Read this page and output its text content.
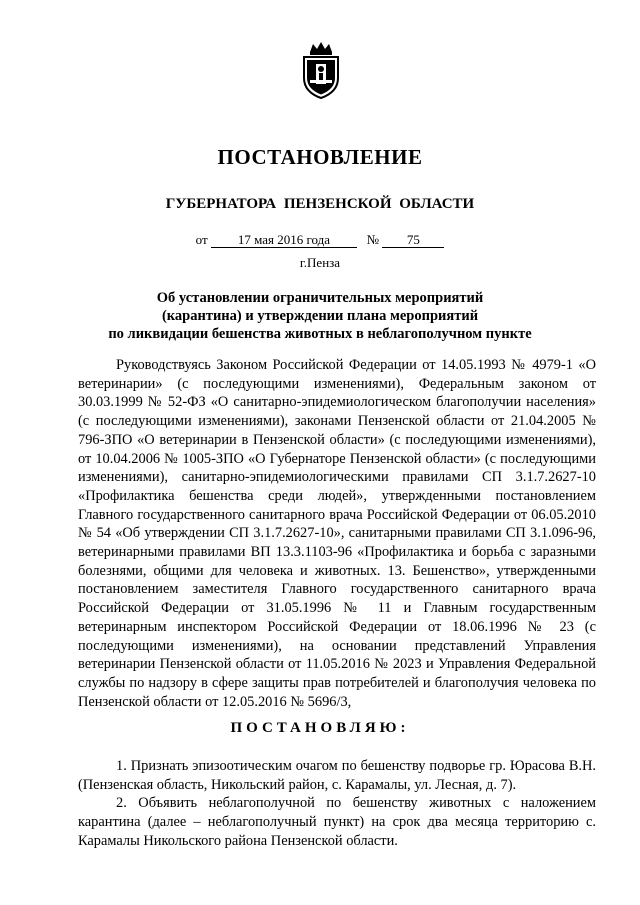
ПОСТАНОВЛЕНИЕ
ГУБЕРНАТОРА ПЕНЗЕНСКОЙ ОБЛАСТИ
от 17 мая 2016 года	№ 75
г.Пенза
Об установлении ограничительных мероприятий
(карантина) и утверждении плана мероприятий
по ликвидации бешенства животных в неблагополучном пункте

Руководствуясь Законом Российской Федерации от 14.05.1993 № 4979-1 «О ветеринарии» (с последующими изменениями), Федеральным законом от 30.03.1999 № 52-ФЗ «О санитарно-эпидемиологическом благополучии населения» (с последующими изменениями), законами Пензенской области от 21.04.2005 № 796-ЗПО «О ветеринарии в Пензенской области» (с последующими изменениями), от 10.04.2006 № 1005-ЗПО «О Губернаторе Пензенской области» (с последующими изменениями), санитарно-эпидемиологическими правилами СП 3.1.7.2627-10 «Профилактика бешенства среди людей», утвержденными постановлением Главного государственного санитарного врача Российской Федерации от 06.05.2010 № 54 «Об утверждении СП 3.1.7.2627-10», санитарными правилами СП 3.1.096-96, ветеринарными правилами ВП 13.3.1103-96 «Профилактика и борьба с заразными болезнями, общими для человека и животных. 13. Бешенство», утвержденными постановлением заместителя Главного государственного санитарного врача Российской Федерации от 31.05.1996 № 11 и Главным государственным ветеринарным инспектором Российской Федерации от 18.06.1996 № 23 (с последующими изменениями), на основании представлений Управления ветеринарии Пензенской области от 11.05.2016 № 2023 и Управления Федеральной службы по надзору в сфере защиты прав потребителей и благополучия человека по Пензенской области от 12.05.2016 № 5696/3,

ПОСТАНОВЛЯЮ:

1. Признать эпизоотическим очагом по бешенству подворье гр. Юрасова В.Н. (Пензенская область, Никольский район, с. Карамалы, ул. Лесная, д. 7).

2. Объявить неблагополучной по бешенству животных с наложением карантина (далее – неблагополучный пункт) на срок два месяца территорию с. Карамалы Никольского района Пензенской области.
